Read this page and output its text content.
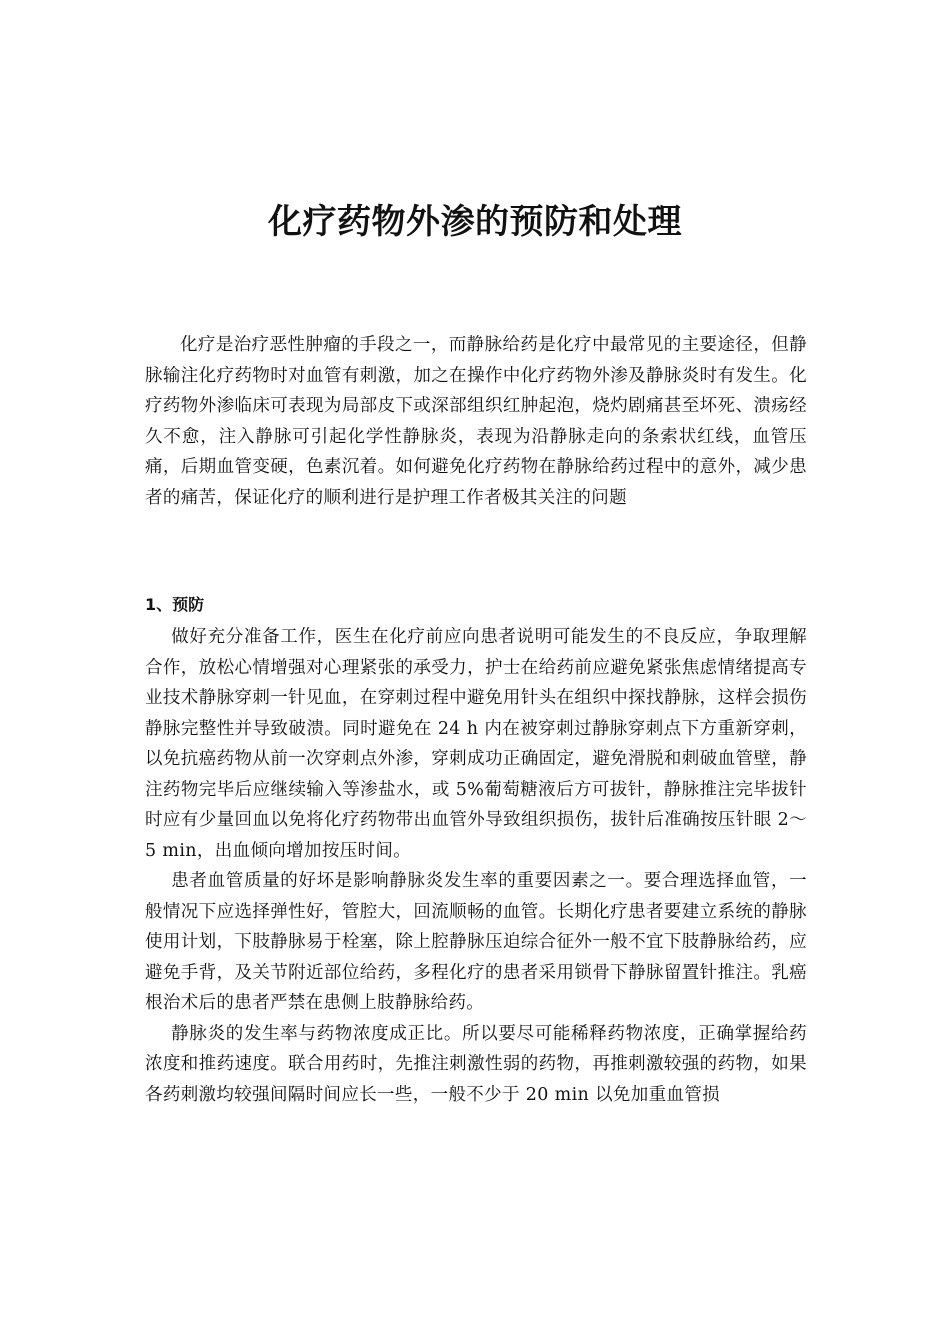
化疗药物外渗的预防和处理

化疗是治疗恶性肿瘤的手段之一，而静脉给药是化疗中最常见的主要途径，但静脉输注化疗药物时对血管有刺激，加之在操作中化疗药物外渗及静脉炎时有发生。化疗药物外渗临床可表现为局部皮下或深部组织红肿起泡，烧灼剧痛甚至坏死、溃疡经久不愈，注入静脉可引起化学性静脉炎，表现为沿静脉走向的条索状红线，血管压痛，后期血管变硬，色素沉着。如何避免化疗药物在静脉给药过程中的意外，减少患者的痛苦，保证化疗的顺利进行是护理工作者极其关注的问题

1、预防

做好充分准备工作，医生在化疗前应向患者说明可能发生的不良反应，争取理解合作，放松心情增强对心理紧张的承受力，护士在给药前应避免紧张焦虑情绪提高专业技术静脉穿刺一针见血，在穿刺过程中避免用针头在组织中探找静脉，这样会损伤静脉完整性并导致破溃。同时避免在 24 h 内在被穿刺过静脉穿刺点下方重新穿刺，以免抗癌药物从前一次穿刺点外渗，穿刺成功正确固定，避免滑脱和刺破血管壁，静注药物完毕后应继续输入等渗盐水，或 5%葡萄糖液后方可拔针，静脉推注完毕拔针时应有少量回血以免将化疗药物带出血管外导致组织损伤，拔针后准确按压针眼 2～5 min，出血倾向增加按压时间。

患者血管质量的好坏是影响静脉炎发生率的重要因素之一。要合理选择血管，一般情况下应选择弹性好，管腔大，回流顺畅的血管。长期化疗患者要建立系统的静脉使用计划，下肢静脉易于栓塞，除上腔静脉压迫综合征外一般不宜下肢静脉给药，应避免手背，及关节附近部位给药，多程化疗的患者采用锁骨下静脉留置针推注。乳癌根治术后的患者严禁在患侧上肢静脉给药。

静脉炎的发生率与药物浓度成正比。所以要尽可能稀释药物浓度，正确掌握给药浓度和推药速度。联合用药时，先推注刺激性弱的药物，再推刺激较强的药物，如果各药刺激均较强间隔时间应长一些，一般不少于 20 min 以免加重血管损
